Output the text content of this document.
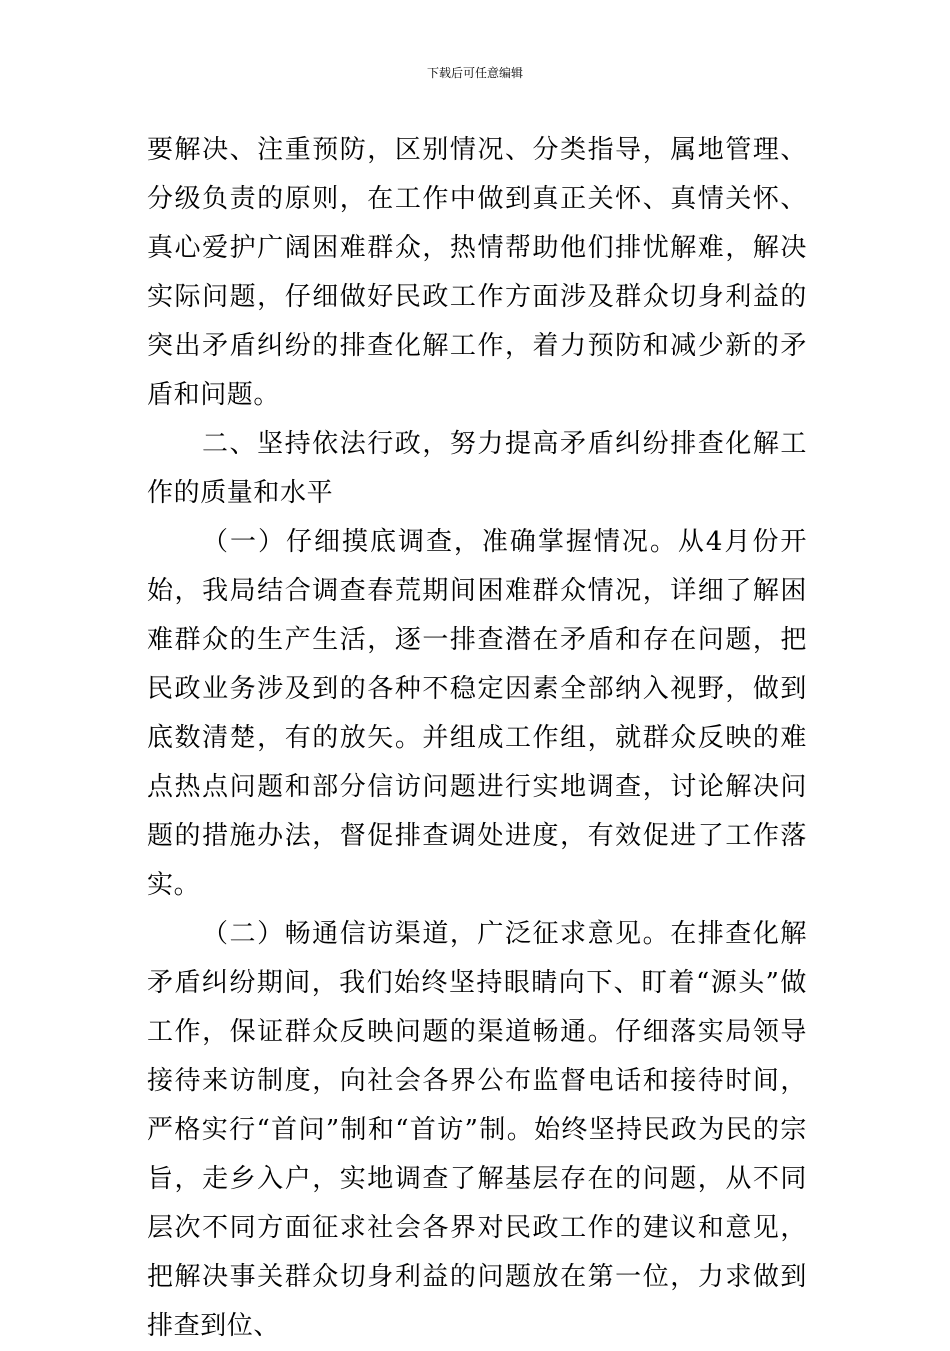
下载后可任意编辑

要解决、注重预防，区别情况、分类指导，属地管理、分级负责的原则，在工作中做到真正关怀、真情关怀、真心爱护广阔困难群众，热情帮助他们排忧解难，解决实际问题，仔细做好民政工作方面涉及群众切身利益的突出矛盾纠纷的排查化解工作，着力预防和减少新的矛盾和问题。

二、坚持依法行政，努力提高矛盾纠纷排查化解工作的质量和水平

（一）仔细摸底调查，准确掌握情况。从4月份开始，我局结合调查春荒期间困难群众情况，详细了解困难群众的生产生活，逐一排查潜在矛盾和存在问题，把民政业务涉及到的各种不稳定因素全部纳入视野，做到底数清楚，有的放矢。并组成工作组，就群众反映的难点热点问题和部分信访问题进行实地调查，讨论解决问题的措施办法，督促排查调处进度，有效促进了工作落实。

（二）畅通信访渠道，广泛征求意见。在排查化解矛盾纠纷期间，我们始终坚持眼睛向下、盯着“源头”做工作，保证群众反映问题的渠道畅通。仔细落实局领导接待来访制度，向社会各界公布监督电话和接待时间，严格实行“首问”制和“首访”制。始终坚持民政为民的宗旨，走乡入户，实地调查了解基层存在的问题，从不同层次不同方面征求社会各界对民政工作的建议和意见，把解决事关群众切身利益的问题放在第一位，力求做到排查到位、
